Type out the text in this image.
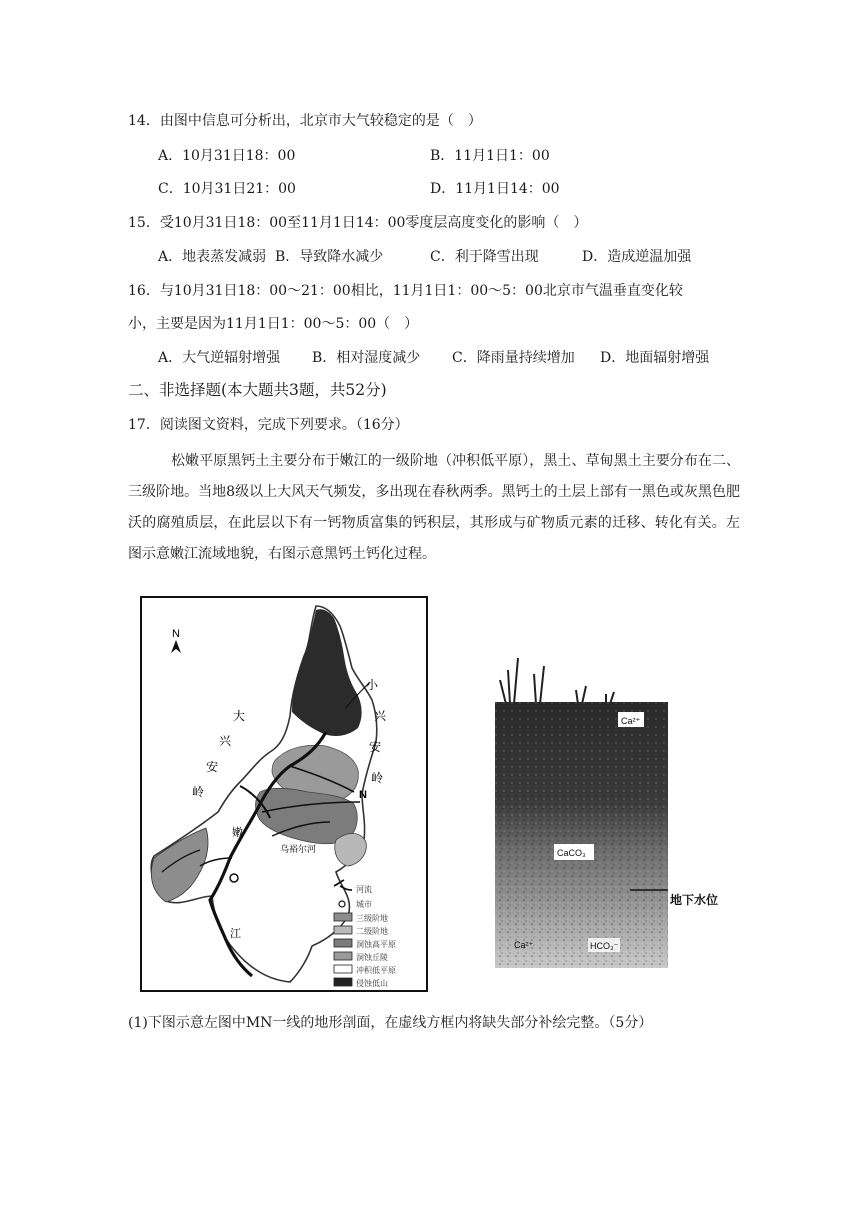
14．由图中信息可分析出，北京市大气较稳定的是（　）
A．10月31日18：00	B．11月1日1：00
C．10月31日21：00	D．11月1日14：00
15．受10月31日18：00至11月1日14：00零度层高度变化的影响（　）
A．地表蒸发减弱 B．导致降水减少	C．利于降雪出现	D．造成逆温加强
16．与10月31日18：00～21：00相比，11月1日1：00～5：00北京市气温垂直变化较
小，主要是因为11月1日1：00～5：00（　）
A．大气逆辐射增强 B．相对湿度减少 C．降雨量持续增加 D．地面辐射增强
二、非选择题(本大题共3题，共52分)
17．阅读图文资料，完成下列要求。（16分）
松嫩平原黑钙土主要分布于嫩江的一级阶地（冲积低平原），黑土、草甸黑土主要分布在二、三级阶地。当地8级以上大风天气频发，多出现在春秋两季。黑钙土的土层上部有一黑色或灰黑色肥沃的腐殖质层，在此层以下有一钙物质富集的钙积层，其形成与矿物质元素的迁移、转化有关。左图示意嫩江流域地貌，右图示意黑钙土钙化过程。
N
大
兴
安
岭
小
兴
安
岭
N
嫩
江
乌裕尔河
河流
城市
三级阶地
二级阶地
洞蚀高平原
洞蚀丘陵
冲积低平原
侵蚀低山
Ca²⁺
CaCO₃
Ca²⁺	HCO₃⁻
地下水位
(1)下图示意左图中MN一线的地形剖面，在虚线方框内将缺失部分补绘完整。（5分）
